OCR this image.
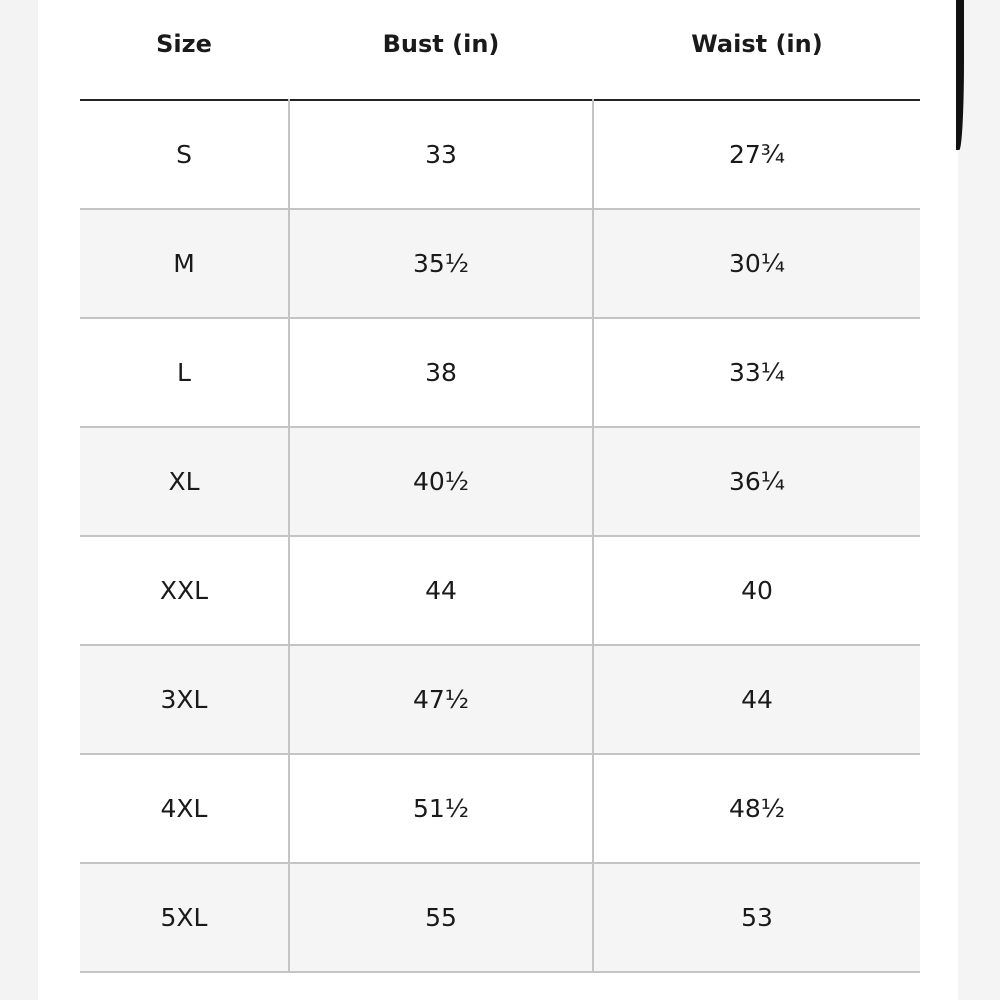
Size	Bust (in)	Waist (in)
S	33	27¾
M	35½	30¼
L	38	33¼
XL	40½	36¼
XXL	44	40
3XL	47½	44
4XL	51½	48½
5XL	55	53
